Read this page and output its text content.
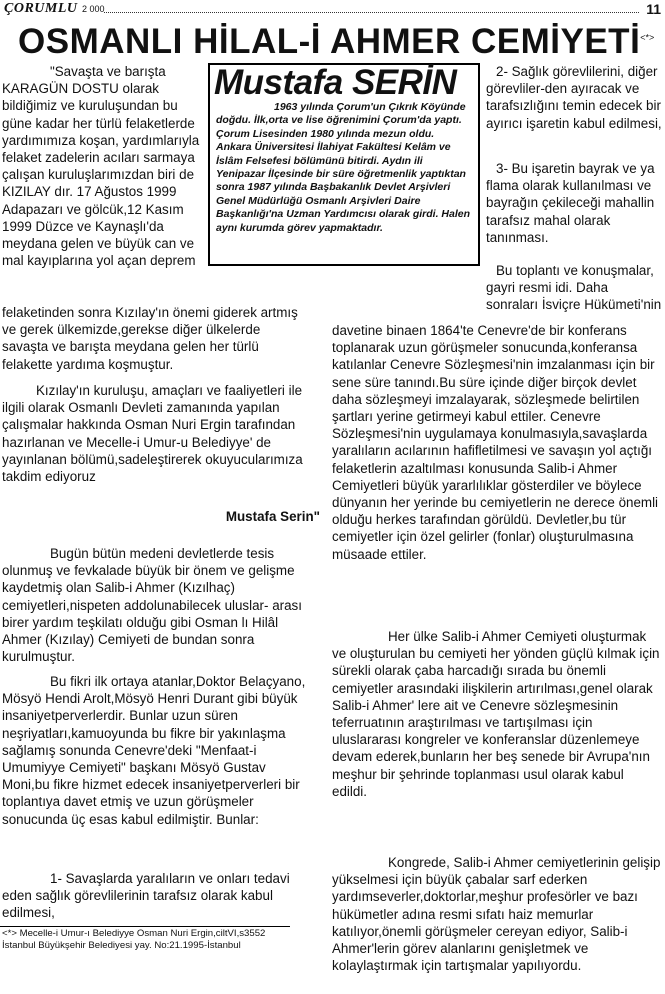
ÇORUMLU 2 000	11
OSMANLI HİLAL-İ AHMER CEMİYETİ<*>
Mustafa SERİN

1963 yılında Çorum'un Çıkrık Köyünde doğdu. İlk,orta ve lise öğrenimini Çorum'da yaptı. Çorum Lisesinden 1980 yılında mezun oldu. Ankara Üniversitesi İlahiyat Fakültesi Kelâm ve İslâm Felsefesi bölümünü bitirdi. Aydın ili Yenipazar İlçesinde bir süre öğretmenlik yaptıktan sonra 1987 yılında Başbakanlık Devlet Arşivleri Genel Müdürlüğü Osmanlı Arşivleri Daire Başkanlığı'na Uzman Yardımcısı olarak girdi. Halen aynı kurumda görev yapmaktadır.

"Savaşta ve barışta KARAGÜN DOSTU olarak bildiğimiz ve kuruluşundan bu güne kadar her türlü felaketlerde yardımımıza koşan, yardımlarıyla felaket zadelerin acıları sarmaya çalışan kuruluşlarımızdan biri de KIZILAY dır. 17 Ağustos 1999 Adapazarı ve gölcük,12 Kasım 1999 Düzce ve Kaynaşlı'da meydana gelen ve büyük can ve mal kayıplarına yol açan deprem

felaketinden sonra Kızılay'ın önemi giderek artmış ve gerek ülkemizde,gerekse diğer ülkelerde savaşta ve barışta meydana gelen her türlü felakette yardıma koşmuştur.

Kızılay'ın kuruluşu, amaçları ve faaliyetleri ile ilgili olarak Osmanlı Devleti zamanında yapılan çalışmalar hakkında Osman Nuri Ergin tarafından hazırlanan ve Mecelle-i Umur-u Belediyye' de yayınlanan bölümü,sadeleştirerek okuyucularımıza takdim ediyoruz

Mustafa Serin"

Bugün bütün medeni devletlerde tesis olunmuş ve fevkalade büyük bir önem ve gelişme kaydetmiş olan Salib-i Ahmer (Kızılhaç) cemiyetleri,nispeten addolunabilecek uluslar- arası birer yardım teşkilatı olduğu gibi Osman lı Hilâl Ahmer (Kızılay) Cemiyeti de bundan sonra kurulmuştur.

Bu fikri ilk ortaya atanlar,Doktor Belaçyano, Mösyö Hendi Arolt,Mösyö Henri Durant gibi büyük insaniyetperverlerdir. Bunlar uzun süren neşriyatları,kamuoyunda bu fikre bir yakınlaşma sağlamış sonunda Cenevre'deki "Menfaat-i Umumiyye Cemiyeti" başkanı Mösyö Gustav Moni,bu fikre hizmet edecek insaniyetperverleri bir toplantıya davet etmiş ve uzun görüşmeler sonucunda üç esas kabul edilmiştir. Bunlar:

1- Savaşlarda yaralıların ve onları tedavi eden sağlık görevlilerinin tarafsız olarak kabul edilmesi,

2- Sağlık görevlilerini, diğer görevliler-den ayıracak ve tarafsızlığını temin edecek bir ayırıcı işaretin kabul edilmesi,

3- Bu işaretin bayrak ve ya flama olarak kullanılması ve bayrağın çekileceği mahallin tarafsız mahal olarak tanınması.

Bu toplantı ve konuşmalar, gayri resmi idi. Daha sonraları İsviçre Hükümeti'nin

davetine binaen 1864'te Cenevre'de bir konferans toplanarak uzun görüşmeler sonucunda,konferansa katılanlar Cenevre Sözleşmesi'nin imzalanması için bir sene süre tanındı.Bu süre içinde diğer birçok devlet daha sözleşmeyi imzalayarak, sözleşmede belirtilen şartları yerine getirmeyi kabul ettiler. Cenevre Sözleşmesi'nin uygulamaya konulmasıyla,savaşlarda yaralıların acılarının hafifletilmesi ve savaşın yol açtığı felaketlerin azaltılması konusunda Salib-i Ahmer Cemiyetleri büyük yararlılıklar gösterdiler ve böylece dünyanın her yerinde bu cemiyetlerin ne derece önemli olduğu herkes tarafından görüldü. Devletler,bu tür cemiyetler için özel gelirler (fonlar) oluşturulmasına müsaade ettiler.

Her ülke Salib-i Ahmer Cemiyeti oluşturmak ve oluşturulan bu cemiyeti her yönden güçlü kılmak için sürekli olarak çaba harcadığı sırada bu önemli cemiyetler arasındaki ilişkilerin artırılması,genel olarak Salib-i Ahmer' lere ait ve Cenevre sözleşmesinin teferruatının araştırılması ve tartışılması için uluslararası kongreler ve konferanslar düzenlemeye devam ederek,bunların her beş senede bir Avrupa'nın meşhur bir şehrinde toplanması usul olarak kabul edildi.

Kongrede, Salib-i Ahmer cemiyetlerinin gelişip yükselmesi için büyük çabalar sarf ederken yardımseverler,doktorlar,meşhur profesörler ve bazı hükümetler adına resmi sıfatı haiz memurlar katılıyor,önemli görüşmeler cereyan ediyor, Salib-i Ahmer'lerin görev alanlarını genişletmek ve kolaylaştırmak için tartışmalar yapılıyordu.

<*> Mecelle-i Umur-ı Belediyye Osman Nuri Ergin,ciltVI,s3552
İstanbul Büyükşehir Belediyesi yay. No:21.1995-İstanbul
